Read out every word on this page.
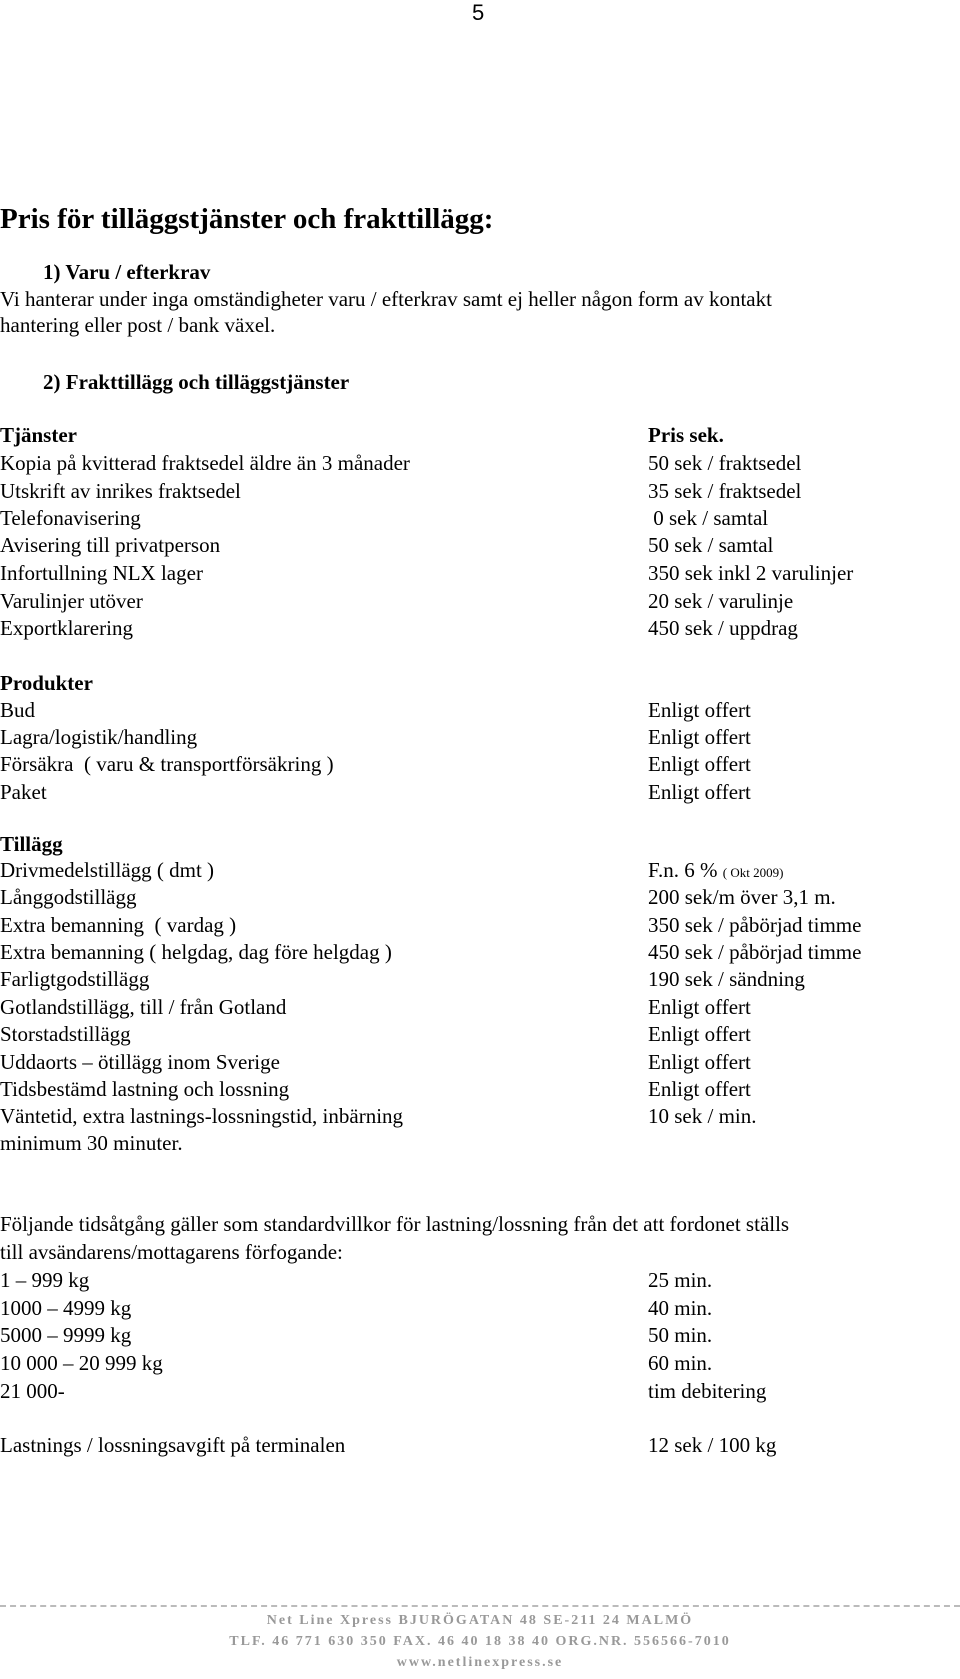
5
Pris för tilläggstjänster och frakttillägg:
1) Varu / efterkrav
Vi hanterar under inga omständigheter varu / efterkrav samt ej heller någon form av kontakt
hantering eller post / bank växel.
2) Frakttillägg och tilläggstjänster
Tjänster	Pris sek.
Kopia på kvitterad fraktsedel äldre än 3 månader	50 sek / fraktsedel
Utskrift av inrikes fraktsedel	35 sek / fraktsedel
Telefonavisering	0 sek / samtal
Avisering till privatperson	50 sek / samtal
Infortullning NLX lager	350 sek inkl 2 varulinjer
Varulinjer utöver	20 sek / varulinje
Exportklarering	450 sek / uppdrag
Produkter
Bud	Enligt offert
Lagra/logistik/handling	Enligt offert
Försäkra  ( varu & transportförsäkring )	Enligt offert
Paket	Enligt offert
Tillägg
Drivmedelstillägg ( dmt )	F.n. 6 % ( Okt 2009)
Långgodstillägg	200 sek/m över 3,1 m.
Extra bemanning  ( vardag )	350 sek / påbörjad timme
Extra bemanning ( helgdag, dag före helgdag )	450 sek / påbörjad timme
Farligtgodstillägg	190 sek / sändning
Gotlandstillägg, till / från Gotland	Enligt offert
Storstadstillägg	Enligt offert
Uddaorts – ötillägg inom Sverige	Enligt offert
Tidsbestämd lastning och lossning	Enligt offert
Väntetid, extra lastnings-lossningstid, inbärning	10 sek / min.
minimum 30 minuter.
Följande tidsåtgång gäller som standardvillkor för lastning/lossning från det att fordonet ställs
till avsändarens/mottagarens förfogande:
1 – 999 kg	25 min.
1000 – 4999 kg	40 min.
5000 – 9999 kg	50 min.
10 000 – 20 999 kg	60 min.
21 000-	tim debitering
Lastnings / lossningsavgift på terminalen	12 sek / 100 kg
Net Line Xpress BJURÖGATAN 48 SE-211 24 MALMÖ
TLF. 46 771 630 350 FAX. 46 40 18 38 40 ORG.NR. 556566-7010
www.netlinexpress.se
